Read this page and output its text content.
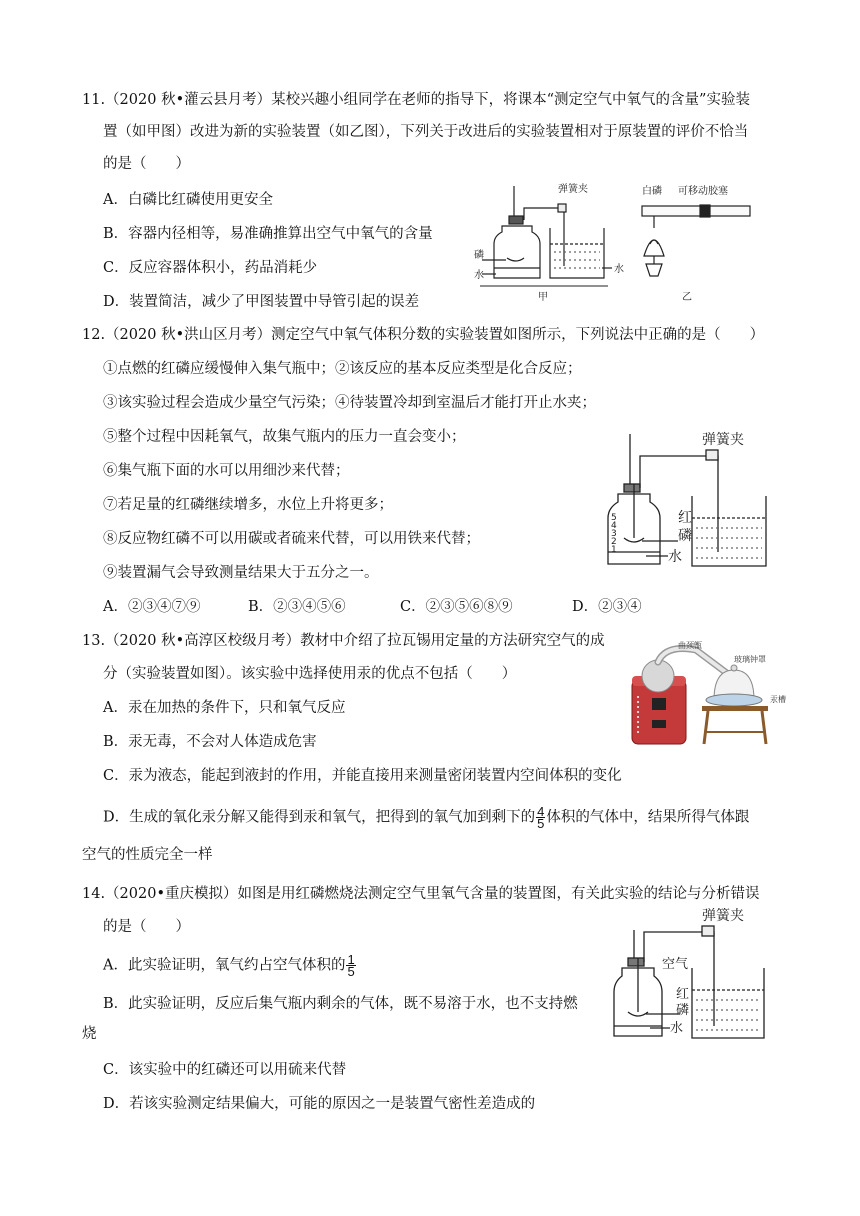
11.（2020 秋•灌云县月考）某校兴趣小组同学在老师的指导下，将课本“测定空气中氧气的含量”实验装
置（如甲图）改进为新的实验装置（如乙图），下列关于改进后的实验装置相对于原装置的评价不恰当
的是（　　）
A．白磷比红磷使用更安全
B．容器内径相等，易准确推算出空气中氧气的含量
C．反应容器体积小，药品消耗少
D．装置简洁，减少了甲图装置中导管引起的误差
弹簧夹
磷
水
水
甲
白磷 可移动胶塞
乙
12.（2020 秋•洪山区月考）测定空气中氧气体积分数的实验装置如图所示，下列说法中正确的是（　　）
①点燃的红磷应缓慢伸入集气瓶中；②该反应的基本反应类型是化合反应；
③该实验过程会造成少量空气污染；④待装置冷却到室温后才能打开止水夹；
⑤整个过程中因耗氧气，故集气瓶内的压力一直会变小；
⑥集气瓶下面的水可以用细沙来代替；
⑦若足量的红磷继续增多，水位上升将更多；
⑧反应物红磷不可以用碳或者硫来代替，可以用铁来代替；
⑨装置漏气会导致测量结果大于五分之一。
A．②③④⑦⑨	B．②③④⑤⑥	C．②③⑤⑥⑧⑨	D．②③④
弹簧夹
红
磷
水
5
4
3
2
1
13.（2020 秋•高淳区校级月考）教材中介绍了拉瓦锡用定量的方法研究空气的成
分（实验装置如图）。该实验中选择使用汞的优点不包括（　　）
A．汞在加热的条件下，只和氧气反应
B．汞无毒，不会对人体造成危害
C．汞为液态，能起到液封的作用，并能直接用来测量密闭装置内空间体积的变化
D．生成的氧化汞分解又能得到汞和氧气，把得到的氧气加到剩下的 $\frac{4}{5}$ 体积的气体中，结果所得气体跟
空气的性质完全一样
曲颈甑
玻璃钟罩
汞槽
14.（2020•重庆模拟）如图是用红磷燃烧法测定空气里氧气含量的装置图，有关此实验的结论与分析错误
的是（　　）
A．此实验证明，氧气约占空气体积的 $\frac{1}{5}$
B．此实验证明，反应后集气瓶内剩余的气体，既不易溶于水，也不支持燃
烧
C．该实验中的红磷还可以用硫来代替
D．若该实验测定结果偏大，可能的原因之一是装置气密性差造成的
弹簧夹
空气
红
磷
水
